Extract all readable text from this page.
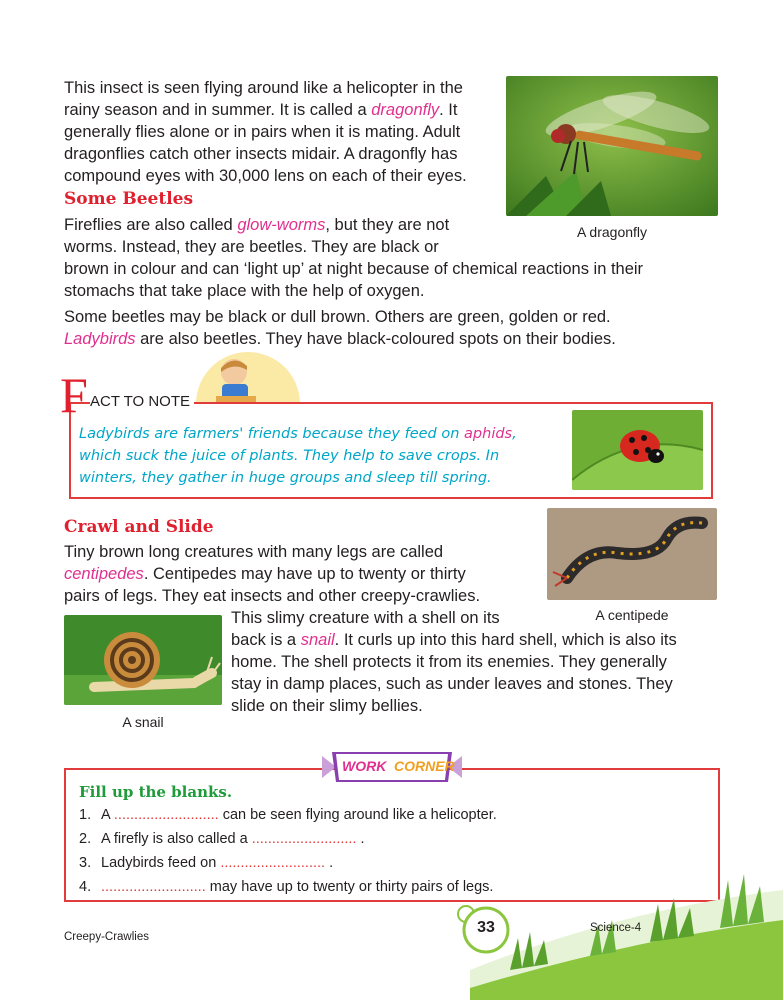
A dragonfly
This insect is seen flying around like a helicopter in the
rainy season and in summer. It is called a dragonfly. It
generally flies alone or in pairs when it is mating. Adult
dragonflies catch other insects midair. A dragonfly has
compound eyes with 30,000 lens on each of their eyes.
Some Beetles
Fireflies are also called glow-worms, but they are not
worms. Instead, they are beetles. They are black or
brown in colour and can ‘light up’ at night because of chemical reactions in their
stomachs that take place with the help of oxygen.
Some beetles may be black or dull brown. Others are green, golden or red.
Ladybirds are also beetles. They have black-coloured spots on their bodies.
F ACT TO NOTE
Ladybirds are farmers' friends because they feed on aphids,
which suck the juice of plants. They help to save crops. In
winters, they gather in huge groups and sleep till spring.
Crawl and Slide
A centipede
Tiny brown long creatures with many legs are called
centipedes. Centipedes may have up to twenty or thirty
pairs of legs. They eat insects and other creepy-crawlies.
A snail
This slimy creature with a shell on its
back is a snail. It curls up into this hard shell, which is also its
home. The shell protects it from its enemies. They generally
stay in damp places, such as under leaves and stones. They
slide on their slimy bellies.
WORK CORNER
Fill up the blanks.
1. A .......................... can be seen flying around like a helicopter.
2. A firefly is also called a .......................... .
3. Ladybirds feed on .......................... .
4. .......................... may have up to twenty or thirty pairs of legs.
Creepy-Crawlies
33	Science-4
